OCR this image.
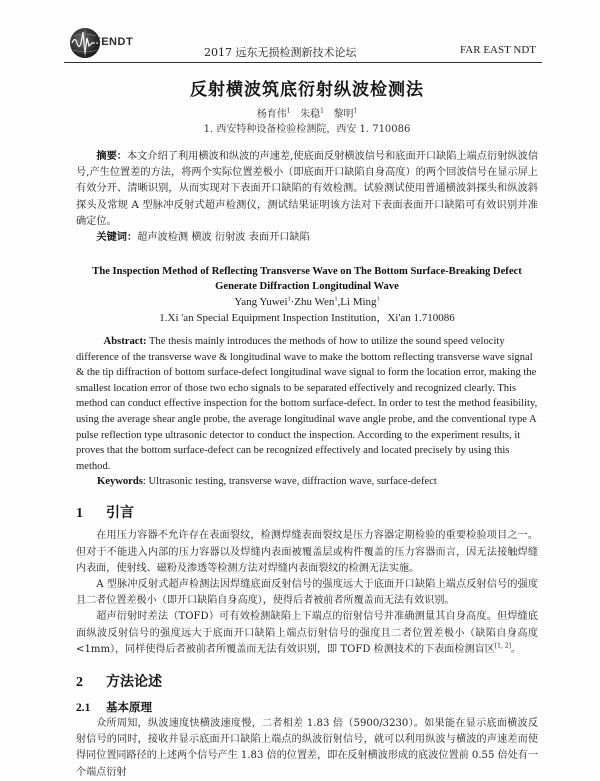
FENDT
2017 远东无损检测新技术论坛	FAR EAST NDT
反射横波筑底衍射纵波检测法
杨育伟$^1$ 朱稳$^1$ 黎明$^1$
1. 西安特种设备检验检测院，西安 1. 710086
摘要：本文介绍了利用横波和纵波的声速差,使底面反射横波信号和底面开口缺陷上端点衍射纵波信号,产生位置差的方法，将两个实际位置差极小（即底面开口缺陷自身高度）的两个回波信号在显示屏上有效分开、清晰识别，从而实现对下表面开口缺陷的有效检测。试验测试使用普通横波斜探头和纵波斜探头及常规 A 型脉冲反射式超声检测仪，测试结果证明该方法对下表面表面开口缺陷可有效识别并准确定位。
关键词：超声波检测 横波 衍射波 表面开口缺陷
The Inspection Method of Reflecting Transverse Wave on The Bottom Surface-Breaking Defect Generate Diffraction Longitudinal Wave
Yang Yuwei$^1$·Zhu Wen$^1$,Li Ming$^1$
1.Xi 'an Special Equipment Inspection Institution，Xi'an 1.710086
Abstract: The thesis mainly introduces the methods of how to utilize the sound speed velocity difference of the transverse wave & longitudinal wave to make the bottom reflecting transverse wave signal & the tip diffraction of bottom surface-defect longitudinal wave signal to form the location error, making the smallest location error of those two echo signals to be separated effectively and recognized clearly. This method can conduct effective inspection for the bottom surface-defect. In order to test the method feasibility, using the average shear angle probe, the average longitudinal wave angle probe, and the conventional type A pulse reflection type ultrasonic detector to conduct the inspection. According to the experiment results, it proves that the bottom surface-defect can be recognized effectively and located precisely by using this method.
Keywords: Ultrasonic testing, transverse wave, diffraction wave, surface-defect
1 引言
在用压力容器不允许存在表面裂纹，检测焊缝表面裂纹是压力容器定期检验的重要检验项目之一。但对于不能进入内部的压力容器以及焊缝内表面被覆盖层或构件覆盖的压力容器而言，因无法接触焊缝内表面，使射线、磁粉及渗透等检测方法对焊缝内表面裂纹的检测无法实施。
A 型脉冲反射式超声检测法因焊缝底面反射信号的强度远大于底面开口缺陷上端点反射信号的强度且二者位置差极小（即开口缺陷自身高度），使得后者被前者所覆盖而无法有效识别。
超声衍射时差法（TOFD）可有效检测缺陷上下端点的衍射信号并准确测量其自身高度。但焊缝底面纵波反射信号的强度远大于底面开口缺陷上端点衍射信号的强度且二者位置差极小（缺陷自身高度<1mm），同样使得后者被前者所覆盖而无法有效识别，即 TOFD 检测技术的下表面检测盲区[1, 2]。
2 方法论述
2.1 基本原理
众所周知，纵波速度快横波速度慢，二者相差 1.83 倍（5900/3230）。如果能在显示底面横波反射信号的同时，接收并显示底面开口缺陷上端点的纵波衍射信号，就可以利用纵波与横波的声速差而使得同位置同路径的上述两个信号产生 1.83 倍的位置差，即在反射横波形成的底波位置前 0.55 倍处有一个端点衍射
